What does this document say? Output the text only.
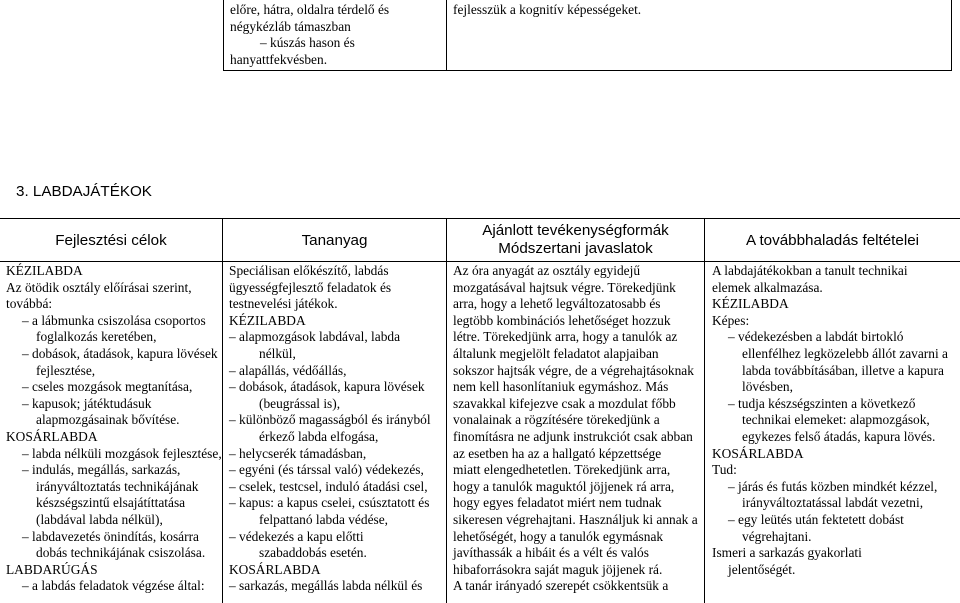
előre, hátra, oldalra térdelő és
négykézláb támaszban
– kúszás hason és
hanyattfekvésben.
fejlesszük a kognitív képességeket.
3. LABDAJÁTÉKOK
Fejlesztési célok	Tananyag
Ajánlott tevékenységformák
Módszertani javaslatok	A továbbhaladás feltételei
KÉZILABDA
Az ötödik osztály előírásai szerint,
továbbá:
– a lábmunka csiszolása csoportos
foglalkozás keretében,
– dobások, átadások, kapura lövések
fejlesztése,
– cseles mozgások megtanítása,
– kapusok; játéktudásuk
alapmozgásainak bővítése.
KOSÁRLABDA
– labda nélküli mozgások fejlesztése,
– indulás, megállás, sarkazás,
irányváltoztatás technikájának
készségszintű elsajátíttatása
(labdával labda nélkül),
– labdavezetés önindítás, kosárra
dobás technikájának csiszolása.
LABDARÚGÁS
– a labdás feladatok végzése által:
Speciálisan előkészítő, labdás
ügyességfejlesztő feladatok és
testnevelési játékok.
KÉZILABDA
– alapmozgások labdával, labda
nélkül,
– alapállás, védőállás,
– dobások, átadások, kapura lövések
(beugrással is),
– különböző magasságból és irányból
érkező labda elfogása,
– helycserék támadásban,
– egyéni (és társsal való) védekezés,
– cselek, testcsel, induló átadási csel,
– kapus: a kapus cselei, csúsztatott és
felpattanó labda védése,
– védekezés a kapu előtti
szabaddobás esetén.
KOSÁRLABDA
– sarkazás, megállás labda nélkül és
Az óra anyagát az osztály egyidejű
mozgatásával hajtsuk végre. Törekedjünk
arra, hogy a lehető legváltozatosabb és
legtöbb kombinációs lehetőséget hozzuk
létre. Törekedjünk arra, hogy a tanulók az
általunk megjelölt feladatot alapjaiban
sokszor hajtsák végre, de a végrehajtásoknak
nem kell hasonlítaniuk egymáshoz. Más
szavakkal kifejezve csak a mozdulat főbb
vonalainak a rögzítésére törekedjünk a
finomításra ne adjunk instrukciót csak abban
az esetben ha az a hallgató képzettsége
miatt elengedhetetlen. Törekedjünk arra,
hogy a tanulók maguktól jöjjenek rá arra,
hogy egyes feladatot miért nem tudnak
sikeresen végrehajtani. Használjuk ki annak a
lehetőségét, hogy a tanulók egymásnak
javíthassák a hibáit és a vélt és valós
hibaforrásokra saját maguk jöjjenek rá.
A tanár irányadó szerepét csökkentsük a
A labdajátékokban a tanult technikai
elemek alkalmazása.
KÉZILABDA
Képes:
– védekezésben a labdát birtokló
ellenfélhez legközelebb állót zavarni a
labda továbbításában, illetve a kapura
lövésben,
– tudja készségszinten a következő
technikai elemeket: alapmozgások,
egykezes felső átadás, kapura lövés.
KOSÁRLABDA
Tud:
– járás és futás közben mindkét kézzel,
irányváltoztatással labdát vezetni,
– egy leütés után fektetett dobást
végrehajtani.
Ismeri a sarkazás gyakorlati
jelentőségét.
